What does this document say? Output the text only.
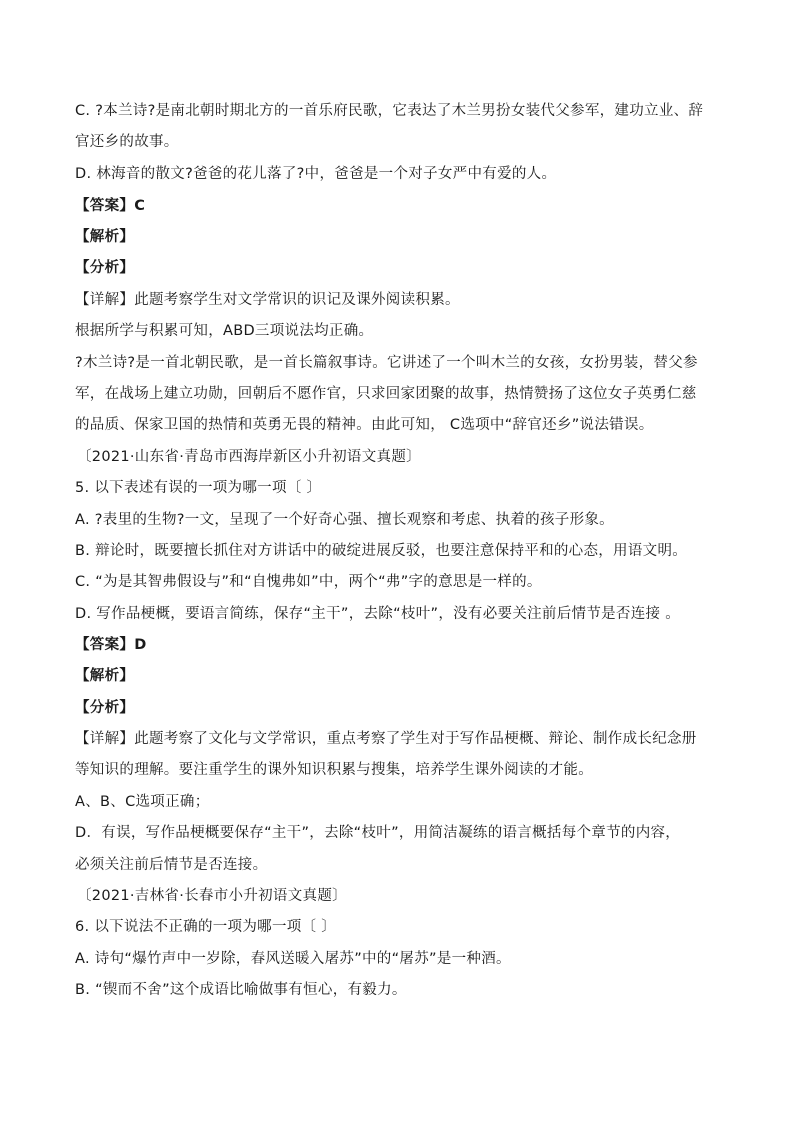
C. ?本兰诗?是南北朝时期北方的一首乐府民歌，它表达了木兰男扮女装代父参军，建功立业、辞
官还乡的故事。
D. 林海音的散文?爸爸的花儿落了?中，爸爸是一个对子女严中有爱的人。
【答案】C
【解析】
【分析】
【详解】此题考察学生对文学常识的识记及课外阅读积累。
根据所学与积累可知，ABD三项说法均正确。
?木兰诗?是一首北朝民歌，是一首长篇叙事诗。它讲述了一个叫木兰的女孩，女扮男装，替父参
军，在战场上建立功勋，回朝后不愿作官，只求回家团聚的故事，热情赞扬了这位女子英勇仁慈
的品质、保家卫国的热情和英勇无畏的精神。由此可知， C选项中“辞官还乡”说法错误。
〔2021·山东省·青岛市西海岸新区小升初语文真题〕
5. 以下表述有误的一项为哪一项〔 〕
A. ?表里的生物?一文，呈现了一个好奇心强、擅长观察和考虑、执着的孩子形象。
B. 辩论时，既要擅长抓住对方讲话中的破绽进展反驳，也要注意保持平和的心态，用语文明。
C. “为是其智弗假设与”和“自愧弗如”中，两个“弗”字的意思是一样的。
D. 写作品梗概，要语言简练，保存“主干”，去除“枝叶”，没有必要关注前后情节是否连接 。
【答案】D
【解析】
【分析】
【详解】此题考察了文化与文学常识，重点考察了学生对于写作品梗概、辩论、制作成长纪念册
等知识的理解。要注重学生的课外知识积累与搜集，培养学生课外阅读的才能。
A、B、C选项正确；
D．有误，写作品梗概要保存“主干”，去除“枝叶”，用简洁凝练的语言概括每个章节的内容，
必须关注前后情节是否连接。
〔2021·吉林省·长春市小升初语文真题〕
6. 以下说法不正确的一项为哪一项〔 〕
A. 诗句“爆竹声中一岁除，春风送暖入屠苏”中的“屠苏”是一种酒。
B. “锲而不舍”这个成语比喻做事有恒心，有毅力。
